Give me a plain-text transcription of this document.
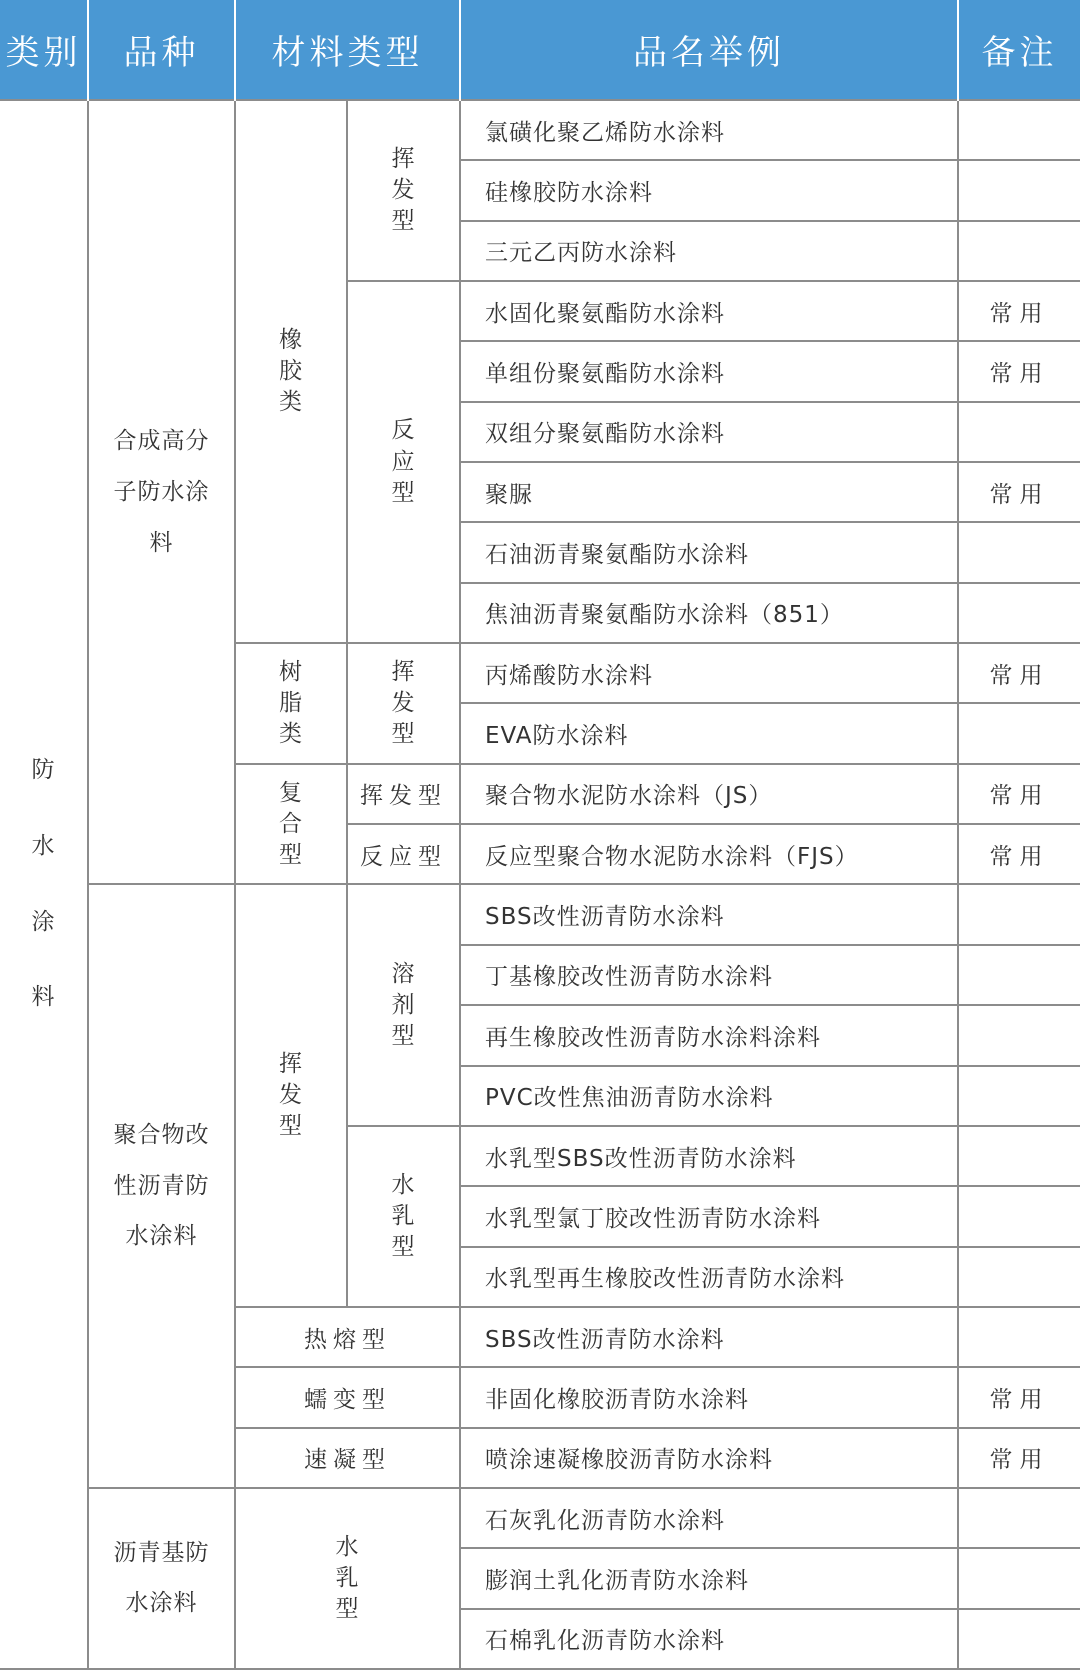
类别	品种	材料类型		品名举例	备注
防水涂料	合成高分子防水涂料	橡胶类	挥发型	氯磺化聚乙烯防水涂料	
				硅橡胶防水涂料	
				三元乙丙防水涂料	
			反应型	水固化聚氨酯防水涂料	常用
				单组份聚氨酯防水涂料	常用
				双组分聚氨酯防水涂料	
				聚脲	常用
				石油沥青聚氨酯防水涂料	
				焦油沥青聚氨酯防水涂料（851）	
		树脂类	挥发型	丙烯酸防水涂料	常用
				EVA防水涂料	
		复合型	挥发型	聚合物水泥防水涂料（JS）	常用
			反应型	反应型聚合物水泥防水涂料（FJS）	常用
	聚合物改性沥青防水涂料	挥发型	溶剂型	SBS改性沥青防水涂料	
				丁基橡胶改性沥青防水涂料	
				再生橡胶改性沥青防水涂料涂料	
				PVC改性焦油沥青防水涂料	
			水乳型	水乳型SBS改性沥青防水涂料	
				水乳型氯丁胶改性沥青防水涂料	
				水乳型再生橡胶改性沥青防水涂料	
		热熔型		SBS改性沥青防水涂料	
		蠕变型		非固化橡胶沥青防水涂料	常用
		速凝型		喷涂速凝橡胶沥青防水涂料	常用
	沥青基防水涂料	水乳型		石灰乳化沥青防水涂料	
				膨润土乳化沥青防水涂料	
				石棉乳化沥青防水涂料	
